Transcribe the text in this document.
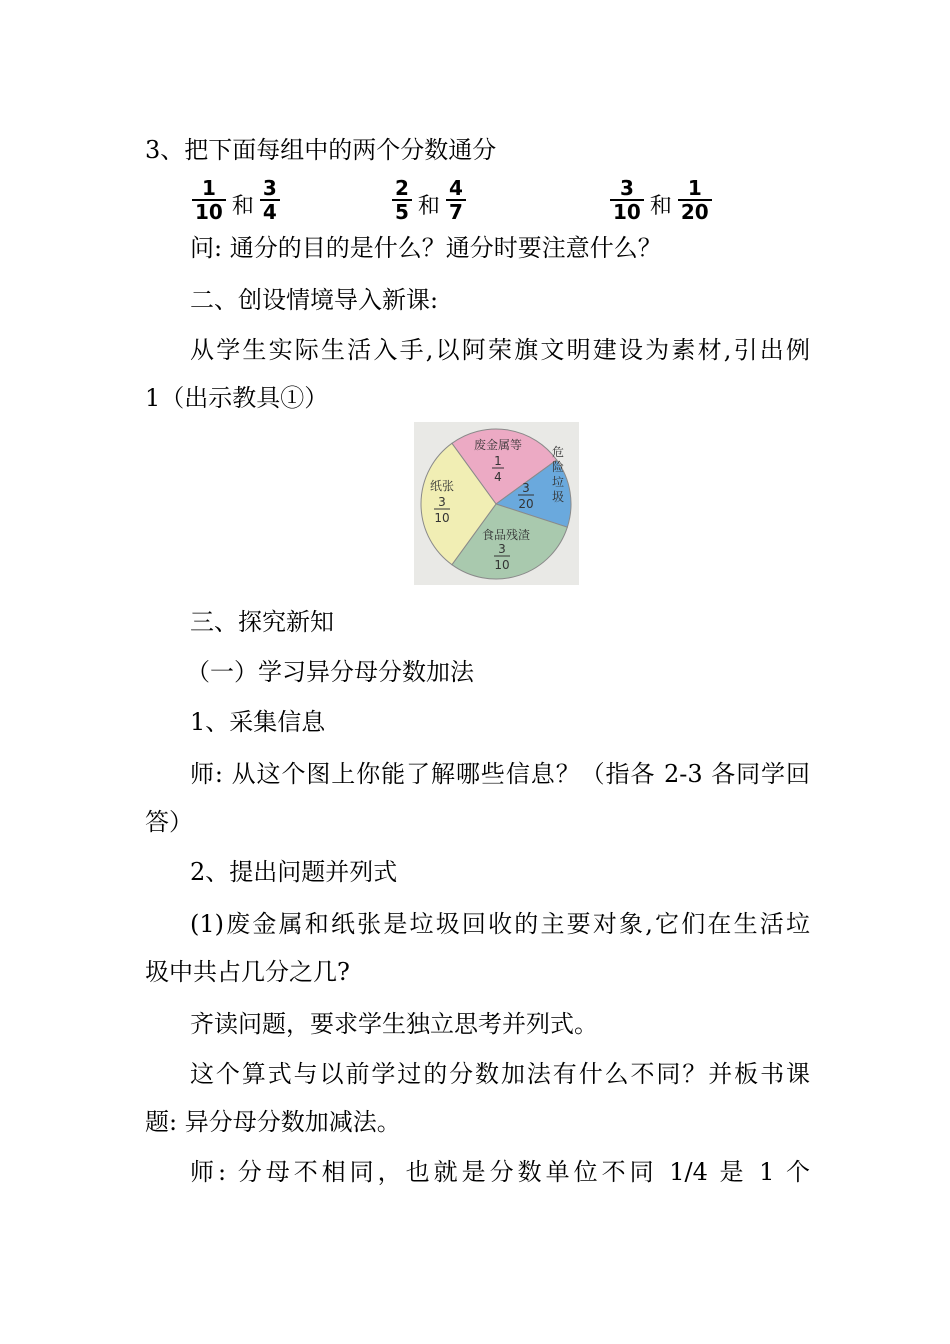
3、把下面每组中的两个分数通分
$\frac{1}{10}$ 和 $\frac{3}{4}$	$\frac{2}{5}$ 和 $\frac{4}{7}$	$\frac{3}{10}$ 和 $\frac{1}{20}$
问: 通分的目的是什么？通分时要注意什么？
二、创设情境导入新课:
从学生实际生活入手,以阿荣旗文明建设为素材,引出例
1（出示教具①）
废金属等
1
4
危
险
垃
圾
3
20
食品残渣
3
10
纸张
3
10
三、探究新知
（一）学习异分母分数加法
1、采集信息
师: 从这个图上你能了解哪些信息？（指各 2-3 各同学回
答）
2、提出问题并列式
(1)废金属和纸张是垃圾回收的主要对象,它们在生活垃
圾中共占几分之几?
齐读问题，要求学生独立思考并列式。
这个算式与以前学过的分数加法有什么不同？并板书课
题: 异分母分数加减法。
师: 分母不相同，也就是分数单位不同 1/4 是 1 个
